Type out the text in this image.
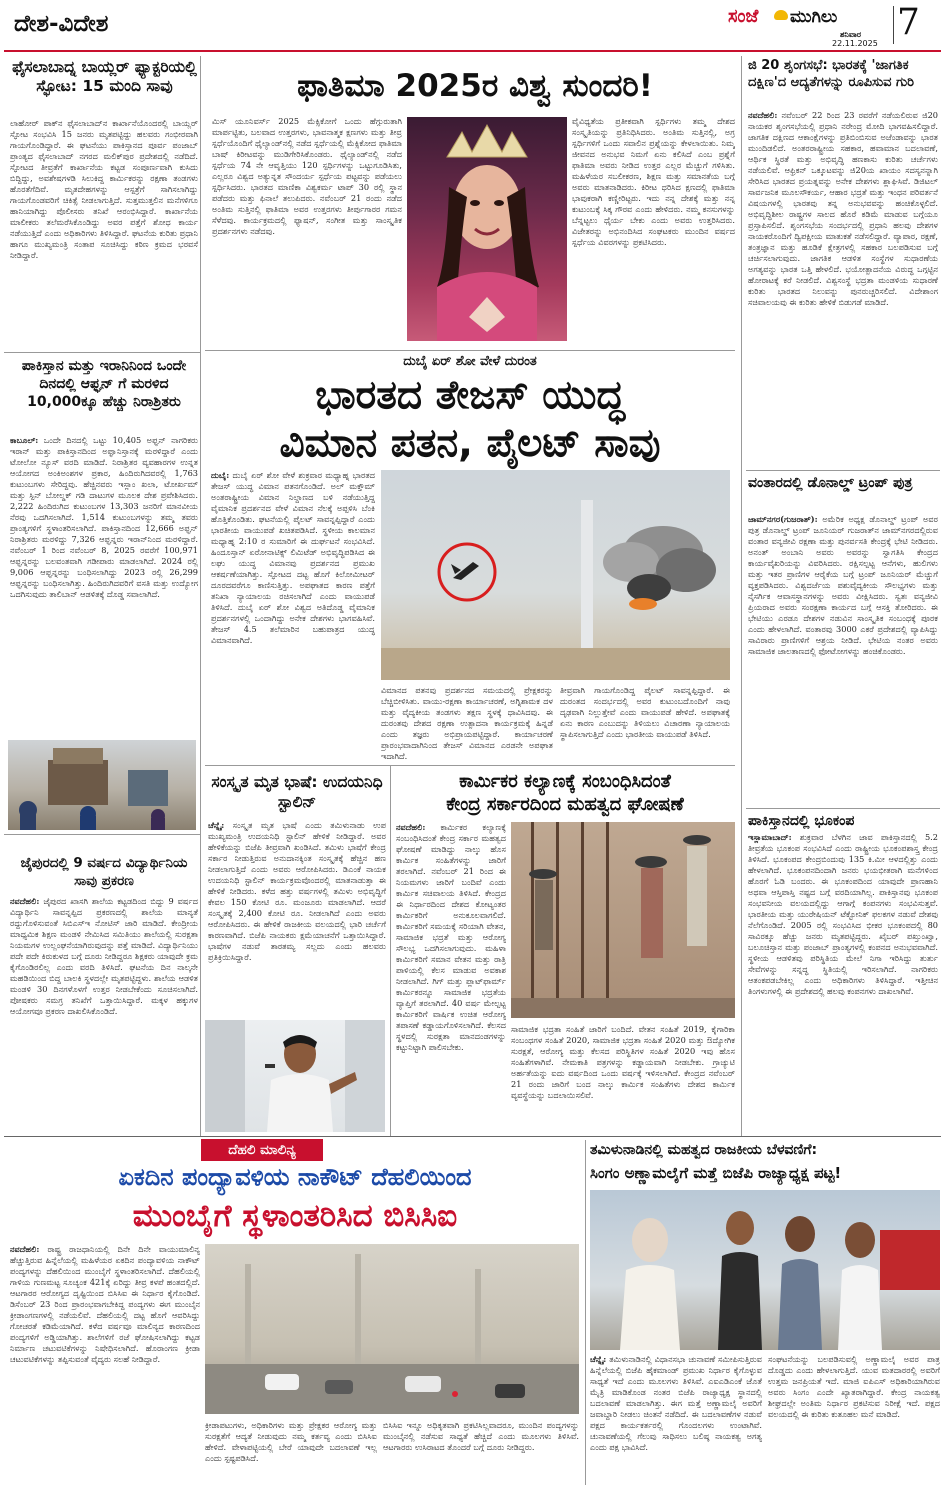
ದೇಶ-ವಿದೇಶ	ಸಂಜೆ ಮುಗಿಲು
ಶನಿವಾರ
22.11.2025
7
ಫೈಸಲಾಬಾದ್ನ ಬಾಯ್ಲರ್ ಫ್ಯಾಕ್ಟರಿಯಲ್ಲಿ ಸ್ಫೋಟ: 15 ಮಂದಿ ಸಾವು
ಲಾಹೋರ್ ಪಾಕ್‌ನ ಫೈಸಲಾಬಾದ್‌ನ ಕಾರ್ಖಾನೆಯೊಂದರಲ್ಲಿ ಬಾಯ್ಲರ್ ಸ್ಫೋಟ ಸಂಭವಿಸಿ 15 ಜನರು ಮೃತಪಟ್ಟಿದ್ದು ಹಲವರು ಗಂಭೀರವಾಗಿ ಗಾಯಗೊಂಡಿದ್ದಾರೆ. ಈ ಘಟನೆಯು ಪಾಕಿಸ್ತಾನದ ಪೂರ್ವ ಪಂಜಾಬ್ ಪ್ರಾಂತ್ಯದ ಫೈಸಲಾಬಾದ್ ನಗರದ ಮಲಿಕ್‌ಪುರ ಪ್ರದೇಶದಲ್ಲಿ ನಡೆದಿದೆ. ಸ್ಫೋಟದ ತೀವ್ರತೆಗೆ ಕಾರ್ಖಾನೆಯ ಕಟ್ಟಡ ಸಂಪೂರ್ಣವಾಗಿ ಕುಸಿದು ಬಿದ್ದಿದ್ದು, ಅವಶೇಷಗಳಡಿ ಸಿಲುಕಿದ್ದ ಕಾರ್ಮಿಕರನ್ನು ರಕ್ಷಣಾ ತಂಡಗಳು ಹೊರತೆಗೆದಿವೆ. ಮೃತದೇಹಗಳನ್ನು ಆಸ್ಪತ್ರೆಗೆ ಸಾಗಿಸಲಾಗಿದ್ದು ಗಾಯಗೊಂಡವರಿಗೆ ಚಿಕಿತ್ಸೆ ನೀಡಲಾಗುತ್ತಿದೆ. ಸುತ್ತಮುತ್ತಲಿನ ಮನೆಗಳಿಗೂ ಹಾನಿಯಾಗಿದ್ದು ಪೊಲೀಸರು ತನಿಖೆ ಆರಂಭಿಸಿದ್ದಾರೆ. ಕಾರ್ಖಾನೆಯ ಮಾಲೀಕರು ತಲೆಮರೆಸಿಕೊಂಡಿದ್ದು ಅವರ ಪತ್ತೆಗೆ ಶೋಧ ಕಾರ್ಯ ನಡೆಯುತ್ತಿದೆ ಎಂದು ಅಧಿಕಾರಿಗಳು ತಿಳಿಸಿದ್ದಾರೆ. ಘಟನೆಯ ಕುರಿತು ಪ್ರಧಾನಿ ಹಾಗೂ ಮುಖ್ಯಮಂತ್ರಿ ಸಂತಾಪ ಸೂಚಿಸಿದ್ದು ಕಠಿಣ ಕ್ರಮದ ಭರವಸೆ ನೀಡಿದ್ದಾರೆ.
ಫಾತಿಮಾ 2025ರ ವಿಶ್ವ ಸುಂದರಿ!
ಮಿಸ್ ಯೂನಿವರ್ಸ್ 2025 ಮೆಕ್ಸಿಕೋಗೆ ಒಂದು ಹೆಗ್ಗುರುತಾಗಿ ಮಾರ್ಪಟ್ಟಿತು, ಬಲವಾದ ಉತ್ತರಗಳು, ಭಾವನಾತ್ಮಕ ಕ್ಷಣಗಳು ಮತ್ತು ತೀವ್ರ ಸ್ಪರ್ಧೆಯೊಂದಿಗೆ ಥೈಲ್ಯಾಂಡ್‌ನಲ್ಲಿ ನಡೆದ ಸ್ಪರ್ಧೆಯಲ್ಲಿ ಮೆಕ್ಸಿಕೋದ ಫಾತಿಮಾ ಬಾಷ್ ಕಿರೀಟವನ್ನು ಮುಡಿಗೇರಿಸಿಕೊಂಡರು. ಥೈಲ್ಯಾಂಡ್‌ನಲ್ಲಿ ನಡೆದ ಸ್ಪರ್ಧೆಯ 74 ನೇ ಆವೃತ್ತಿಯು 120 ಸ್ಪರ್ಧಿಗಳನ್ನು ಒಟ್ಟುಗೂಡಿಸಿತು, ಎಲ್ಲರೂ ವಿಶ್ವದ ಅತ್ಯುನ್ನತ ಸೌಂದರ್ಯ ಸ್ಪರ್ಧೆಯ ಪಟ್ಟವನ್ನು ಪಡೆಯಲು ಸ್ಪರ್ಧಿಸಿದರು. ಭಾರತದ ಮಾಣಿಕಾ ವಿಶ್ವಕರ್ಮ ಟಾಪ್ 30 ರಲ್ಲಿ ಸ್ಥಾನ ಪಡೆದರು ಮತ್ತು ಫಿನಾಲೆ ತಲುಪಿದರು. ನವೆಂಬರ್ 21 ರಂದು ನಡೆದ ಅಂತಿಮ ಸುತ್ತಿನಲ್ಲಿ ಫಾತಿಮಾ ಅವರ ಉತ್ತರಗಳು ತೀರ್ಪುಗಾರರ ಗಮನ ಸೆಳೆದವು. ಕಾರ್ಯಕ್ರಮದಲ್ಲಿ ಫ್ಯಾಷನ್, ಸಂಗೀತ ಮತ್ತು ಸಾಂಸ್ಕೃತಿಕ ಪ್ರದರ್ಶನಗಳು ನಡೆದವು.
ವೈವಿಧ್ಯತೆಯ ಪ್ರತೀಕವಾಗಿ ಸ್ಪರ್ಧಿಗಳು ತಮ್ಮ ದೇಶದ ಸಂಸ್ಕೃತಿಯನ್ನು ಪ್ರತಿನಿಧಿಸಿದರು. ಅಂತಿಮ ಸುತ್ತಿನಲ್ಲಿ, ಅಗ್ರ ಸ್ಪರ್ಧಿಗಳಿಗೆ ಒಂದು ಸವಾಲಿನ ಪ್ರಶ್ನೆಯನ್ನು ಕೇಳಲಾಯಿತು. ನಿಮ್ಮ ಜೀವನದ ಅನುಭವ ನಿಮಗೆ ಏನು ಕಲಿಸಿದೆ ಎಂಬ ಪ್ರಶ್ನೆಗೆ ಫಾತಿಮಾ ಅವರು ನೀಡಿದ ಉತ್ತರ ಎಲ್ಲರ ಮೆಚ್ಚುಗೆ ಗಳಿಸಿತು. ಮಹಿಳೆಯರ ಸಬಲೀಕರಣ, ಶಿಕ್ಷಣ ಮತ್ತು ಸಮಾನತೆಯ ಬಗ್ಗೆ ಅವರು ಮಾತನಾಡಿದರು. ಕಿರೀಟ ಧರಿಸಿದ ಕ್ಷಣದಲ್ಲಿ ಫಾತಿಮಾ ಭಾವುಕರಾಗಿ ಕಣ್ಣೀರಿಟ್ಟರು. ಇದು ನನ್ನ ದೇಶಕ್ಕೆ ಮತ್ತು ನನ್ನ ಕುಟುಂಬಕ್ಕೆ ಸಿಕ್ಕ ಗೌರವ ಎಂದು ಹೇಳಿದರು. ನಮ್ಮ ಕನಸುಗಳನ್ನು ಬೆನ್ನಟ್ಟಲು ಧೈರ್ಯ ಬೇಕು ಎಂದು ಅವರು ಉತ್ತರಿಸಿದರು. ವಿಜೇತರನ್ನು ಅಭಿನಂದಿಸಿದ ಸಂಘಟಕರು ಮುಂದಿನ ವರ್ಷದ ಸ್ಪರ್ಧೆಯ ವಿವರಗಳನ್ನು ಪ್ರಕಟಿಸಿದರು.
ಜಿ 20 ಶೃಂಗಸಭೆ: ಭಾರತಕ್ಕೆ 'ಜಾಗತಿಕ ದಕ್ಷಿಣ'ದ ಆದ್ಯತೆಗಳನ್ನು ರೂಪಿಸುವ ಗುರಿ
ನವದೆಹಲಿ: ನವೆಂಬರ್ 22 ರಿಂದ 23 ರವರೆಗೆ ನಡೆಯಲಿರುವ ಜಿ20 ನಾಯಕರ ಶೃಂಗಸಭೆಯಲ್ಲಿ ಪ್ರಧಾನಿ ನರೇಂದ್ರ ಮೋದಿ ಭಾಗವಹಿಸಲಿದ್ದಾರೆ. ಜಾಗತಿಕ ದಕ್ಷಿಣದ ಆಕಾಂಕ್ಷೆಗಳನ್ನು ಪ್ರತಿಬಿಂಬಿಸುವ ಅಜೆಂಡಾವನ್ನು ಭಾರತ ಮುಂದಿಡಲಿದೆ. ಅಂತರರಾಷ್ಟ್ರೀಯ ಸಹಕಾರ, ಹವಾಮಾನ ಬದಲಾವಣೆ, ಆರ್ಥಿಕ ಸ್ಥಿರತೆ ಮತ್ತು ಅಭಿವೃದ್ಧಿ ಹಣಕಾಸು ಕುರಿತು ಚರ್ಚೆಗಳು ನಡೆಯಲಿವೆ. ಆಫ್ರಿಕನ್ ಒಕ್ಕೂಟವನ್ನು ಜಿ20ಯ ಖಾಯಂ ಸದಸ್ಯನನ್ನಾಗಿ ಸೇರಿಸಿದ ಭಾರತದ ಪ್ರಯತ್ನವನ್ನು ಅನೇಕ ದೇಶಗಳು ಶ್ಲಾಘಿಸಿವೆ. ಡಿಜಿಟಲ್ ಸಾರ್ವಜನಿಕ ಮೂಲಸೌಕರ್ಯ, ಆಹಾರ ಭದ್ರತೆ ಮತ್ತು ಇಂಧನ ಪರಿವರ್ತನೆ ವಿಷಯಗಳಲ್ಲಿ ಭಾರತವು ತನ್ನ ಅನುಭವವನ್ನು ಹಂಚಿಕೊಳ್ಳಲಿದೆ. ಅಭಿವೃದ್ಧಿಶೀಲ ರಾಷ್ಟ್ರಗಳ ಸಾಲದ ಹೊರೆ ಕಡಿಮೆ ಮಾಡುವ ಬಗ್ಗೆಯೂ ಪ್ರಸ್ತಾಪಿಸಲಿದೆ. ಶೃಂಗಸಭೆಯ ಸಂದರ್ಭದಲ್ಲಿ ಪ್ರಧಾನಿ ಹಲವು ದೇಶಗಳ ನಾಯಕರೊಂದಿಗೆ ದ್ವಿಪಕ್ಷೀಯ ಮಾತುಕತೆ ನಡೆಸಲಿದ್ದಾರೆ. ವ್ಯಾಪಾರ, ರಕ್ಷಣೆ, ತಂತ್ರಜ್ಞಾನ ಮತ್ತು ಹೂಡಿಕೆ ಕ್ಷೇತ್ರಗಳಲ್ಲಿ ಸಹಕಾರ ಬಲಪಡಿಸುವ ಬಗ್ಗೆ ಚರ್ಚಿಸಲಾಗುವುದು. ಜಾಗತಿಕ ಆಡಳಿತ ಸಂಸ್ಥೆಗಳ ಸುಧಾರಣೆಯ ಅಗತ್ಯವನ್ನು ಭಾರತ ಒತ್ತಿ ಹೇಳಲಿದೆ. ಭಯೋತ್ಪಾದನೆಯ ವಿರುದ್ಧ ಒಗ್ಗಟ್ಟಿನ ಹೋರಾಟಕ್ಕೆ ಕರೆ ನೀಡಲಿದೆ. ವಿಶ್ವಸಂಸ್ಥೆ ಭದ್ರತಾ ಮಂಡಳಿಯ ಸುಧಾರಣೆ ಕುರಿತು ಭಾರತದ ನಿಲುವನ್ನು ಪುನರುಚ್ಚರಿಸಲಿದೆ. ವಿದೇಶಾಂಗ ಸಚಿವಾಲಯವು ಈ ಕುರಿತು ಹೇಳಿಕೆ ಬಿಡುಗಡೆ ಮಾಡಿದೆ.
ವಂತಾರದಲ್ಲಿ ಡೊನಾಲ್ಡ್ ಟ್ರಂಪ್ ಪುತ್ರ
ಜಾಮ್‌ನಗರ(ಗುಜರಾತ್): ಅಮೆರಿಕ ಅಧ್ಯಕ್ಷ ಡೊನಾಲ್ಡ್ ಟ್ರಂಪ್ ಅವರ ಪುತ್ರ ಡೊನಾಲ್ಡ್ ಟ್ರಂಪ್ ಜೂನಿಯರ್ ಗುಜರಾತ್‌ನ ಜಾಮ್‌ನಗರದಲ್ಲಿರುವ ವಂತಾರ ವನ್ಯಜೀವಿ ರಕ್ಷಣಾ ಮತ್ತು ಪುನರ್ವಸತಿ ಕೇಂದ್ರಕ್ಕೆ ಭೇಟಿ ನೀಡಿದರು. ಅನಂತ್ ಅಂಬಾನಿ ಅವರು ಅವರನ್ನು ಸ್ವಾಗತಿಸಿ ಕೇಂದ್ರದ ಕಾರ್ಯವೈಖರಿಯನ್ನು ವಿವರಿಸಿದರು. ರಕ್ಷಿಸಲ್ಪಟ್ಟ ಆನೆಗಳು, ಹುಲಿಗಳು ಮತ್ತು ಇತರ ಪ್ರಾಣಿಗಳ ಆರೈಕೆಯ ಬಗ್ಗೆ ಟ್ರಂಪ್ ಜೂನಿಯರ್ ಮೆಚ್ಚುಗೆ ವ್ಯಕ್ತಪಡಿಸಿದರು. ವಿಶ್ವದರ್ಜೆಯ ಪಶುವೈದ್ಯಕೀಯ ಸೌಲಭ್ಯಗಳು ಮತ್ತು ನೈಸರ್ಗಿಕ ಆವಾಸಸ್ಥಾನಗಳನ್ನು ಅವರು ವೀಕ್ಷಿಸಿದರು. ಸ್ವತಃ ವನ್ಯಜೀವಿ ಪ್ರಿಯರಾದ ಅವರು ಸಂರಕ್ಷಣಾ ಕಾರ್ಯದ ಬಗ್ಗೆ ಆಸಕ್ತಿ ತೋರಿದರು. ಈ ಭೇಟಿಯು ಎರಡೂ ದೇಶಗಳ ನಡುವಿನ ಸಾಂಸ್ಕೃತಿಕ ಸಂಬಂಧಕ್ಕೆ ಪೂರಕ ಎಂದು ಹೇಳಲಾಗಿದೆ. ವಂತಾರವು 3000 ಎಕರೆ ಪ್ರದೇಶದಲ್ಲಿ ವ್ಯಾಪಿಸಿದ್ದು ಸಾವಿರಾರು ಪ್ರಾಣಿಗಳಿಗೆ ಆಶ್ರಯ ನೀಡಿದೆ. ಭೇಟಿಯ ನಂತರ ಅವರು ಸಾಮಾಜಿಕ ಜಾಲತಾಣದಲ್ಲಿ ಫೋಟೋಗಳನ್ನು ಹಂಚಿಕೊಂಡರು.
ಪಾಕಿಸ್ತಾನದಲ್ಲಿ ಭೂಕಂಪ
ಇಸ್ಲಾಮಾಬಾದ್: ಶುಕ್ರವಾರ ಬೆಳಗಿನ ಜಾವ ಪಾಕಿಸ್ತಾನದಲ್ಲಿ 5.2 ತೀವ್ರತೆಯ ಭೂಕಂಪ ಸಂಭವಿಸಿದೆ ಎಂದು ರಾಷ್ಟ್ರೀಯ ಭೂಕಂಪಶಾಸ್ತ್ರ ಕೇಂದ್ರ ತಿಳಿಸಿದೆ. ಭೂಕಂಪದ ಕೇಂದ್ರಬಿಂದುವು 135 ಕಿ.ಮೀ ಆಳದಲ್ಲಿತ್ತು ಎಂದು ಹೇಳಲಾಗಿದೆ. ಭೂಕಂಪನದಿಂದಾಗಿ ಜನರು ಭಯಭೀತರಾಗಿ ಮನೆಗಳಿಂದ ಹೊರಗೆ ಓಡಿ ಬಂದರು. ಈ ಭೂಕಂಪದಿಂದ ಯಾವುದೇ ಪ್ರಾಣಹಾನಿ ಅಥವಾ ಆಸ್ತಿಪಾಸ್ತಿ ನಷ್ಟದ ಬಗ್ಗೆ ವರದಿಯಾಗಿಲ್ಲ. ಪಾಕಿಸ್ತಾನವು ಭೂಕಂಪ ಸಂಭವನೀಯ ವಲಯದಲ್ಲಿದ್ದು ಆಗಾಗ್ಗೆ ಕಂಪನಗಳು ಸಂಭವಿಸುತ್ತವೆ. ಭಾರತೀಯ ಮತ್ತು ಯುರೇಷಿಯನ್ ಟೆಕ್ಟೋನಿಕ್ ಫಲಕಗಳ ನಡುವೆ ದೇಶವು ನೆಲೆಗೊಂಡಿದೆ. 2005 ರಲ್ಲಿ ಸಂಭವಿಸಿದ ಭೀಕರ ಭೂಕಂಪದಲ್ಲಿ 80 ಸಾವಿರಕ್ಕೂ ಹೆಚ್ಚು ಜನರು ಮೃತಪಟ್ಟಿದ್ದರು. ಖೈಬರ್ ಪಖ್ತುಂಖ್ವಾ, ಬಲೂಚಿಸ್ತಾನ ಮತ್ತು ಪಂಜಾಬ್ ಪ್ರಾಂತ್ಯಗಳಲ್ಲಿ ಕಂಪನದ ಅನುಭವವಾಗಿದೆ. ಸ್ಥಳೀಯ ಆಡಳಿತವು ಪರಿಸ್ಥಿತಿಯ ಮೇಲೆ ನಿಗಾ ಇರಿಸಿದ್ದು ತುರ್ತು ಸೇವೆಗಳನ್ನು ಸನ್ನದ್ಧ ಸ್ಥಿತಿಯಲ್ಲಿ ಇರಿಸಲಾಗಿದೆ. ನಾಗರಿಕರು ಆತಂಕಪಡಬೇಕಿಲ್ಲ ಎಂದು ಅಧಿಕಾರಿಗಳು ತಿಳಿಸಿದ್ದಾರೆ. ಇತ್ತೀಚಿನ ತಿಂಗಳುಗಳಲ್ಲಿ ಈ ಪ್ರದೇಶದಲ್ಲಿ ಹಲವು ಕಂಪನಗಳು ದಾಖಲಾಗಿವೆ.
ಪಾಕಿಸ್ತಾನ ಮತ್ತು ಇರಾನಿನಿಂದ ಒಂದೇ ದಿನದಲ್ಲಿ ಆಫ್ಘನ್ ಗೆ ಮರಳಿದ 10,000ಕ್ಕೂ ಹೆಚ್ಚು ನಿರಾಶ್ರಿತರು
ಕಾಬೂಲ್: ಒಂದೇ ದಿನದಲ್ಲಿ ಒಟ್ಟು 10,405 ಅಫ್ಘನ್ ನಾಗರಿಕರು ಇರಾನ್ ಮತ್ತು ಪಾಕಿಸ್ತಾನದಿಂದ ಅಫ್ಘಾನಿಸ್ತಾನಕ್ಕೆ ಮರಳಿದ್ದಾರೆ ಎಂದು ಟೋಲೋ ನ್ಯೂಸ್ ವರದಿ ಮಾಡಿದೆ. ನಿರಾಶ್ರಿತರ ವ್ಯವಹಾರಗಳ ಉನ್ನತ ಆಯೋಗದ ಅಂಕಿಅಂಶಗಳ ಪ್ರಕಾರ, ಹಿಂದಿರುಗಿದವರಲ್ಲಿ 1,763 ಕುಟುಂಬಗಳು ಸೇರಿದ್ದವು. ಹೆಚ್ಚಿನವರು ಇಸ್ಲಾಂ ಖಲಾ, ಟೋರ್ಖಮ್ ಮತ್ತು ಸ್ಪಿನ್ ಬೋಲ್ಡಕ್ ಗಡಿ ದಾಟುಗಳ ಮೂಲಕ ದೇಶ ಪ್ರವೇಶಿಸಿದರು. 2,222 ಹಿಂದಿರುಗಿದ ಕುಟುಂಬಗಳ 13,303 ಜನರಿಗೆ ಮಾನವೀಯ ನೆರವು ಒದಗಿಸಲಾಗಿದೆ. 1,514 ಕುಟುಂಬಗಳನ್ನು ತಮ್ಮ ತವರು ಪ್ರಾಂತ್ಯಗಳಿಗೆ ಸ್ಥಳಾಂತರಿಸಲಾಗಿದೆ. ಪಾಕಿಸ್ತಾನದಿಂದ 12,666 ಅಫ್ಘನ್ ನಿರಾಶ್ರಿತರು ಮರಳಿದ್ದು 7,326 ಆಫ್ಘನ್ನರು ಇರಾನ್‌ನಿಂದ ಮರಳಿದ್ದಾರೆ. ನವೆಂಬರ್ 1 ರಿಂದ ನವೆಂಬರ್ 8, 2025 ರವರೆಗೆ 100,971 ಆಫ್ಘನ್ನರನ್ನು ಬಲವಂತವಾಗಿ ಗಡೀಪಾರು ಮಾಡಲಾಗಿದೆ. 2024 ರಲ್ಲಿ 9,006 ಆಫ್ಘನ್ನರನ್ನು ಬಂಧಿಸಲಾಗಿದ್ದು 2023 ರಲ್ಲಿ 26,299 ಆಫ್ಘನ್ನರನ್ನು ಬಂಧಿಸಲಾಗಿತ್ತು. ಹಿಂದಿರುಗಿದವರಿಗೆ ವಸತಿ ಮತ್ತು ಉದ್ಯೋಗ ಒದಗಿಸುವುದು ತಾಲಿಬಾನ್ ಆಡಳಿತಕ್ಕೆ ದೊಡ್ಡ ಸವಾಲಾಗಿದೆ.
ಜೈಪುರದಲ್ಲಿ 9 ವರ್ಷದ ವಿದ್ಯಾರ್ಥಿನಿಯ ಸಾವು ಪ್ರಕರಣ
ನವದೆಹಲಿ: ಜೈಪುರದ ಖಾಸಗಿ ಶಾಲೆಯ ಕಟ್ಟಡದಿಂದ ಬಿದ್ದು 9 ವರ್ಷದ ವಿದ್ಯಾರ್ಥಿನಿ ಸಾವನ್ನಪ್ಪಿದ ಪ್ರಕರಣದಲ್ಲಿ ಶಾಲೆಯ ಮಾನ್ಯತೆ ರದ್ದುಗೊಳಿಸುವಂತೆ ಸಿಬಿಎಸ್‌ಇ ನೋಟಿಸ್ ಜಾರಿ ಮಾಡಿದೆ. ಕೇಂದ್ರೀಯ ಮಾಧ್ಯಮಿಕ ಶಿಕ್ಷಣ ಮಂಡಳಿ ನೇಮಿಸಿದ ಸಮಿತಿಯು ಶಾಲೆಯಲ್ಲಿ ಸುರಕ್ಷತಾ ನಿಯಮಗಳ ಉಲ್ಲಂಘನೆಯಾಗಿರುವುದನ್ನು ಪತ್ತೆ ಮಾಡಿದೆ. ವಿದ್ಯಾರ್ಥಿನಿಯು ಪದೇ ಪದೇ ಕಿರುಕುಳದ ಬಗ್ಗೆ ದೂರು ನೀಡಿದ್ದರೂ ಶಿಕ್ಷಕರು ಯಾವುದೇ ಕ್ರಮ ಕೈಗೊಂಡಿರಲಿಲ್ಲ ಎಂದು ವರದಿ ತಿಳಿಸಿದೆ. ಘಟನೆಯ ದಿನ ನಾಲ್ಕನೇ ಮಹಡಿಯಿಂದ ಬಿದ್ದ ಬಾಲಕಿ ಸ್ಥಳದಲ್ಲೇ ಮೃತಪಟ್ಟಿದ್ದಳು. ಶಾಲೆಯ ಆಡಳಿತ ಮಂಡಳಿ 30 ದಿನಗಳೊಳಗೆ ಉತ್ತರ ನೀಡಬೇಕೆಂದು ಸೂಚಿಸಲಾಗಿದೆ. ಪೋಷಕರು ಸಮಗ್ರ ತನಿಖೆಗೆ ಒತ್ತಾಯಿಸಿದ್ದಾರೆ. ಮಕ್ಕಳ ಹಕ್ಕುಗಳ ಆಯೋಗವೂ ಪ್ರಕರಣ ದಾಖಲಿಸಿಕೊಂಡಿದೆ.
ದುಬೈ ಏರ್ ಶೋ ವೇಳೆ ದುರಂತ
ಭಾರತದ ತೇಜಸ್ ಯುದ್ಧ
ವಿಮಾನ ಪತನ, ಪೈಲಟ್ ಸಾವು
ದುಬೈ: ದುಬೈ ಏರ್ ಶೋ ವೇಳೆ ಶುಕ್ರವಾರ ಮಧ್ಯಾಹ್ನ ಭಾರತದ ತೇಜಸ್ ಯುದ್ಧ ವಿಮಾನ ಪತನಗೊಂಡಿದೆ. ಅಲ್ ಮಕ್ತೌಮ್ ಅಂತರಾಷ್ಟ್ರೀಯ ವಿಮಾನ ನಿಲ್ದಾಣದ ಬಳಿ ನಡೆಯುತ್ತಿದ್ದ ವೈಮಾನಿಕ ಪ್ರದರ್ಶನದ ವೇಳೆ ವಿಮಾನ ನೆಲಕ್ಕೆ ಅಪ್ಪಳಿಸಿ ಬೆಂಕಿ ಹೊತ್ತಿಕೊಂಡಿತು. ಘಟನೆಯಲ್ಲಿ ಪೈಲಟ್ ಸಾವನ್ನಪ್ಪಿದ್ದಾರೆ ಎಂದು ಭಾರತೀಯ ವಾಯುಪಡೆ ಖಚಿತಪಡಿಸಿದೆ. ಸ್ಥಳೀಯ ಕಾಲಮಾನ ಮಧ್ಯಾಹ್ನ 2:10 ರ ಸುಮಾರಿಗೆ ಈ ದುರ್ಘಟನೆ ಸಂಭವಿಸಿದೆ. ಹಿಂದೂಸ್ತಾನ್ ಏರೋನಾಟಿಕ್ಸ್ ಲಿಮಿಟೆಡ್ ಅಭಿವೃದ್ಧಿಪಡಿಸಿದ ಈ ಲಘು ಯುದ್ಧ ವಿಮಾನವು ಪ್ರದರ್ಶನದ ಪ್ರಮುಖ ಆಕರ್ಷಣೆಯಾಗಿತ್ತು. ಸ್ಫೋಟದ ದಟ್ಟ ಹೊಗೆ ಕಿಲೋಮೀಟರ್ ದೂರದವರೆಗೂ ಕಾಣಿಸುತ್ತಿತ್ತು. ಅಪಘಾತದ ಕಾರಣ ಪತ್ತೆಗೆ ತನಿಖಾ ನ್ಯಾಯಾಲಯ ರಚಿಸಲಾಗಿದೆ ಎಂದು ವಾಯುಪಡೆ ತಿಳಿಸಿದೆ. ದುಬೈ ಏರ್ ಶೋ ವಿಶ್ವದ ಅತಿದೊಡ್ಡ ವೈಮಾನಿಕ ಪ್ರದರ್ಶನಗಳಲ್ಲಿ ಒಂದಾಗಿದ್ದು ಅನೇಕ ದೇಶಗಳು ಭಾಗವಹಿಸಿವೆ. ತೇಜಸ್ 4.5 ತಲೆಮಾರಿನ ಬಹುಪಾತ್ರದ ಯುದ್ಧ ವಿಮಾನವಾಗಿದೆ.
ವಿಮಾನದ ಪತನವು ಪ್ರದರ್ಶನದ ಸಮಯದಲ್ಲಿ ಪ್ರೇಕ್ಷಕರನ್ನು ಬೆಚ್ಚಿಬೀಳಿಸಿತು. ವಾಯು-ರಕ್ಷಣಾ ಕಾರ್ಯಾಚರಣೆ, ಅಗ್ನಿಶಾಮಕ ದಳ ಮತ್ತು ವೈದ್ಯಕೀಯ ತಂಡಗಳು ತಕ್ಷಣ ಸ್ಥಳಕ್ಕೆ ಧಾವಿಸಿದವು. ಈ ದುರಂತವು ದೇಶದ ರಕ್ಷಣಾ ಉತ್ಪಾದನಾ ಕಾರ್ಯಕ್ರಮಕ್ಕೆ ಹಿನ್ನಡೆ ಎಂದು ತಜ್ಞರು ಅಭಿಪ್ರಾಯಪಟ್ಟಿದ್ದಾರೆ. ಕಾರ್ಯಾಚರಣೆ ಪ್ರಾರಂಭವಾದಾಗಿನಿಂದ ತೇಜಸ್ ವಿಮಾನದ ಎರಡನೇ ಅಪಘಾತ ಇದಾಗಿದೆ.
ತೀವ್ರವಾಗಿ ಗಾಯಗೊಂಡಿದ್ದ ಪೈಲಟ್ ಸಾವನ್ನಪ್ಪಿದ್ದಾರೆ. ಈ ದುರಂತದ ಸಂದರ್ಭದಲ್ಲಿ ಅವರ ಕುಟುಂಬದೊಂದಿಗೆ ನಾವು ದೃಢವಾಗಿ ನಿಲ್ಲುತ್ತೇವೆ ಎಂದು ವಾಯುಪಡೆ ಹೇಳಿದೆ. ಅಪಘಾತಕ್ಕೆ ಏನು ಕಾರಣ ಎಂಬುದನ್ನು ತಿಳಿಯಲು ವಿಚಾರಣಾ ನ್ಯಾಯಾಲಯ ಸ್ಥಾಪಿಸಲಾಗುತ್ತಿದೆ ಎಂದು ಭಾರತೀಯ ವಾಯುಪಡೆ ತಿಳಿಸಿದೆ.
ಸಂಸ್ಕೃತ ಮೃತ ಭಾಷೆ: ಉದಯನಿಧಿ ಸ್ಟಾಲಿನ್
ಚೆನ್ನೈ: ಸಂಸ್ಕೃತ ಮೃತ ಭಾಷೆ ಎಂದು ತಮಿಳುನಾಡು ಉಪ ಮುಖ್ಯಮಂತ್ರಿ ಉದಯನಿಧಿ ಸ್ಟಾಲಿನ್ ಹೇಳಿಕೆ ನೀಡಿದ್ದಾರೆ. ಅವರ ಹೇಳಿಕೆಯನ್ನು ಬಿಜೆಪಿ ತೀವ್ರವಾಗಿ ಖಂಡಿಸಿದೆ. ತಮಿಳು ಭಾಷೆಗೆ ಕೇಂದ್ರ ಸರ್ಕಾರ ನೀಡುತ್ತಿರುವ ಅನುದಾನಕ್ಕಿಂತ ಸಂಸ್ಕೃತಕ್ಕೆ ಹೆಚ್ಚಿನ ಹಣ ನೀಡಲಾಗುತ್ತಿದೆ ಎಂದು ಅವರು ಆರೋಪಿಸಿದರು. ಡಿಎಂಕೆ ನಾಯಕ ಉದಯನಿಧಿ ಸ್ಟಾಲಿನ್ ಕಾರ್ಯಕ್ರಮವೊಂದರಲ್ಲಿ ಮಾತನಾಡುತ್ತಾ ಈ ಹೇಳಿಕೆ ನೀಡಿದರು. ಕಳೆದ ಹತ್ತು ವರ್ಷಗಳಲ್ಲಿ ತಮಿಳು ಅಭಿವೃದ್ಧಿಗೆ ಕೇವಲ 150 ಕೋಟಿ ರೂ. ಮಂಜೂರು ಮಾಡಲಾಗಿದೆ. ಆದರೆ ಸಂಸ್ಕೃತಕ್ಕೆ 2,400 ಕೋಟಿ ರೂ. ನೀಡಲಾಗಿದೆ ಎಂದು ಅವರು ಆರೋಪಿಸಿದರು. ಈ ಹೇಳಿಕೆ ರಾಜಕೀಯ ವಲಯದಲ್ಲಿ ಭಾರಿ ಚರ್ಚೆಗೆ ಕಾರಣವಾಗಿದೆ. ಬಿಜೆಪಿ ನಾಯಕರು ಕ್ಷಮೆಯಾಚನೆಗೆ ಒತ್ತಾಯಿಸಿದ್ದಾರೆ. ಭಾಷೆಗಳ ನಡುವೆ ತಾರತಮ್ಯ ಸಲ್ಲದು ಎಂದು ಹಲವರು ಪ್ರತಿಕ್ರಿಯಿಸಿದ್ದಾರೆ.
ಕಾರ್ಮಿಕರ ಕಲ್ಯಾಣಕ್ಕೆ ಸಂಬಂಧಿಸಿದಂತೆ
ಕೇಂದ್ರ ಸರ್ಕಾರದಿಂದ ಮಹತ್ವದ ಘೋಷಣೆ
ನವದೆಹಲಿ: ಕಾರ್ಮಿಕರ ಕಲ್ಯಾಣಕ್ಕೆ ಸಂಬಂಧಿಸಿದಂತೆ ಕೇಂದ್ರ ಸರ್ಕಾರ ಮಹತ್ವದ ಘೋಷಣೆ ಮಾಡಿದ್ದು ನಾಲ್ಕು ಹೊಸ ಕಾರ್ಮಿಕ ಸಂಹಿತೆಗಳನ್ನು ಜಾರಿಗೆ ತರಲಾಗಿದೆ. ನವೆಂಬರ್ 21 ರಿಂದ ಈ ನಿಯಮಗಳು ಜಾರಿಗೆ ಬಂದಿವೆ ಎಂದು ಕಾರ್ಮಿಕ ಸಚಿವಾಲಯ ತಿಳಿಸಿದೆ. ಕೇಂದ್ರದ ಈ ನಿರ್ಧಾರದಿಂದ ದೇಶದ ಕೋಟ್ಯಂತರ ಕಾರ್ಮಿಕರಿಗೆ ಅನುಕೂಲವಾಗಲಿದೆ. ಕಾರ್ಮಿಕರಿಗೆ ಸಮಯಕ್ಕೆ ಸರಿಯಾಗಿ ವೇತನ, ಸಾಮಾಜಿಕ ಭದ್ರತೆ ಮತ್ತು ಆರೋಗ್ಯ ಸೌಲಭ್ಯ ಒದಗಿಸಲಾಗುವುದು. ಮಹಿಳಾ ಕಾರ್ಮಿಕರಿಗೆ ಸಮಾನ ವೇತನ ಮತ್ತು ರಾತ್ರಿ ಪಾಳಿಯಲ್ಲಿ ಕೆಲಸ ಮಾಡುವ ಅವಕಾಶ ನೀಡಲಾಗಿದೆ. ಗಿಗ್ ಮತ್ತು ಪ್ಲಾಟ್‌ಫಾರ್ಮ್ ಕಾರ್ಮಿಕರನ್ನೂ ಸಾಮಾಜಿಕ ಭದ್ರತೆಯ ವ್ಯಾಪ್ತಿಗೆ ತರಲಾಗಿದೆ. 40 ವರ್ಷ ಮೇಲ್ಪಟ್ಟ ಕಾರ್ಮಿಕರಿಗೆ ವಾರ್ಷಿಕ ಉಚಿತ ಆರೋಗ್ಯ ತಪಾಸಣೆ ಕಡ್ಡಾಯಗೊಳಿಸಲಾಗಿದೆ. ಕೆಲಸದ ಸ್ಥಳದಲ್ಲಿ ಸುರಕ್ಷತಾ ಮಾನದಂಡಗಳನ್ನು ಕಟ್ಟುನಿಟ್ಟಾಗಿ ಪಾಲಿಸಬೇಕು.
ಸಾಮಾಜಿಕ ಭದ್ರತಾ ಸಂಹಿತೆ ಜಾರಿಗೆ ಬಂದಿದೆ. ವೇತನ ಸಂಹಿತೆ 2019, ಕೈಗಾರಿಕಾ ಸಂಬಂಧಗಳ ಸಂಹಿತೆ 2020, ಸಾಮಾಜಿಕ ಭದ್ರತಾ ಸಂಹಿತೆ 2020 ಮತ್ತು ಔದ್ಯೋಗಿಕ ಸುರಕ್ಷತೆ, ಆರೋಗ್ಯ ಮತ್ತು ಕೆಲಸದ ಪರಿಸ್ಥಿತಿಗಳ ಸಂಹಿತೆ 2020 ಇವು ಹೊಸ ಸಂಹಿತೆಗಳಾಗಿವೆ. ನೇಮಕಾತಿ ಪತ್ರಗಳನ್ನು ಕಡ್ಡಾಯವಾಗಿ ನೀಡಬೇಕು. ಗ್ರಾಚ್ಯುಟಿ ಅರ್ಹತೆಯನ್ನು ಐದು ವರ್ಷದಿಂದ ಒಂದು ವರ್ಷಕ್ಕೆ ಇಳಿಸಲಾಗಿದೆ. ಕೇಂದ್ರದ ನವೆಂಬರ್ 21 ರಂದು ಜಾರಿಗೆ ಬಂದ ನಾಲ್ಕು ಕಾರ್ಮಿಕ ಸಂಹಿತೆಗಳು ದೇಶದ ಕಾರ್ಮಿಕ ವ್ಯವಸ್ಥೆಯನ್ನು ಬದಲಾಯಿಸಲಿವೆ.
ದೆಹಲಿ ಮಾಲಿನ್ಯ
ಏಕದಿನ ಪಂದ್ಯಾವಳಿಯ ನಾಕೌಟ್ ದೆಹಲಿಯಿಂದ
ಮುಂಬೈಗೆ ಸ್ಥಳಾಂತರಿಸಿದ ಬಿಸಿಸಿಐ
ನವದೆಹಲಿ: ರಾಷ್ಟ್ರ ರಾಜಧಾನಿಯಲ್ಲಿ ದಿನೇ ದಿನೇ ವಾಯುಮಾಲಿನ್ಯ ಹೆಚ್ಚುತ್ತಿರುವ ಹಿನ್ನೆಲೆಯಲ್ಲಿ ಮಹಿಳೆಯರ ಏಕದಿನ ಪಂದ್ಯಾವಳಿಯ ನಾಕೌಟ್ ಪಂದ್ಯಗಳನ್ನು ದೆಹಲಿಯಿಂದ ಮುಂಬೈಗೆ ಸ್ಥಳಾಂತರಿಸಲಾಗಿದೆ. ದೆಹಲಿಯಲ್ಲಿ ಗಾಳಿಯ ಗುಣಮಟ್ಟ ಸೂಚ್ಯಂಕ 421ಕ್ಕೆ ಏರಿದ್ದು ತೀವ್ರ ಕಳಪೆ ಹಂತದಲ್ಲಿದೆ. ಆಟಗಾರರ ಆರೋಗ್ಯದ ದೃಷ್ಟಿಯಿಂದ ಬಿಸಿಸಿಐ ಈ ನಿರ್ಧಾರ ಕೈಗೊಂಡಿದೆ. ಡಿಸೆಂಬರ್ 23 ರಿಂದ ಪ್ರಾರಂಭವಾಗಬೇಕಿದ್ದ ಪಂದ್ಯಗಳು ಈಗ ಮುಂಬೈನ ಕ್ರೀಡಾಂಗಣಗಳಲ್ಲಿ ನಡೆಯಲಿವೆ. ದೆಹಲಿಯಲ್ಲಿ ದಟ್ಟ ಹೊಗೆ ಆವರಿಸಿದ್ದು ಗೋಚರತೆ ಕಡಿಮೆಯಾಗಿದೆ. ಕಳೆದ ವರ್ಷವೂ ಮಾಲಿನ್ಯದ ಕಾರಣದಿಂದ ಪಂದ್ಯಗಳಿಗೆ ಅಡ್ಡಿಯಾಗಿತ್ತು. ಶಾಲೆಗಳಿಗೆ ರಜೆ ಘೋಷಿಸಲಾಗಿದ್ದು ಕಟ್ಟಡ ನಿರ್ಮಾಣ ಚಟುವಟಿಕೆಗಳನ್ನು ನಿಷೇಧಿಸಲಾಗಿದೆ. ಹೊರಾಂಗಣ ಕ್ರೀಡಾ ಚಟುವಟಿಕೆಗಳನ್ನು ತಪ್ಪಿಸುವಂತೆ ವೈದ್ಯರು ಸಲಹೆ ನೀಡಿದ್ದಾರೆ.
ಕ್ರೀಡಾಪಟುಗಳು, ಅಧಿಕಾರಿಗಳು ಮತ್ತು ಪ್ರೇಕ್ಷಕರ ಆರೋಗ್ಯ ಮತ್ತು ಸುರಕ್ಷತೆಗೆ ಆದ್ಯತೆ ನೀಡುವುದು ನಮ್ಮ ಕರ್ತವ್ಯ ಎಂದು ಬಿಸಿಸಿಐ ಹೇಳಿದೆ. ವೇಳಾಪಟ್ಟಿಯಲ್ಲಿ ಬೇರೆ ಯಾವುದೇ ಬದಲಾವಣೆ ಇಲ್ಲ ಎಂದು ಸ್ಪಷ್ಟಪಡಿಸಿದೆ.
ಬಿಸಿಸಿಐ ಇನ್ನೂ ಅಧಿಕೃತವಾಗಿ ಪ್ರಕಟಿಸಿಲ್ಲವಾದರೂ, ಮುಂದಿನ ಪಂದ್ಯಗಳನ್ನು ಮುಂಬೈನಲ್ಲಿ ನಡೆಸುವ ಸಾಧ್ಯತೆ ಹೆಚ್ಚಿದೆ ಎಂದು ಮೂಲಗಳು ತಿಳಿಸಿವೆ. ಆಟಗಾರರು ಉಸಿರಾಟದ ತೊಂದರೆ ಬಗ್ಗೆ ದೂರು ನೀಡಿದ್ದರು.
ತಮಿಳುನಾಡಿನಲ್ಲಿ ಮಹತ್ವದ ರಾಜಕೀಯ ಬೆಳವಣಿಗೆ:
ಸಿಂಗಂ ಅಣ್ಣಾಮಲೈಗೆ ಮತ್ತೆ ಬಿಜೆಪಿ ರಾಜ್ಯಾಧ್ಯಕ್ಷ ಪಟ್ಟ!
ಚೆನ್ನೈ: ತಮಿಳುನಾಡಿನಲ್ಲಿ ವಿಧಾನಸಭಾ ಚುನಾವಣೆ ಸಮೀಪಿಸುತ್ತಿರುವ ಹಿನ್ನೆಲೆಯಲ್ಲಿ ಬಿಜೆಪಿ ಹೈಕಮಾಂಡ್ ಪ್ರಮುಖ ನಿರ್ಧಾರ ಕೈಗೊಳ್ಳುವ ಸಾಧ್ಯತೆ ಇದೆ ಎಂದು ಮೂಲಗಳು ತಿಳಿಸಿವೆ. ಎಐಎಡಿಎಂಕೆ ಜೊತೆ ಮೈತ್ರಿ ಮಾಡಿಕೊಂಡ ನಂತರ ಬಿಜೆಪಿ ರಾಜ್ಯಾಧ್ಯಕ್ಷ ಸ್ಥಾನದಲ್ಲಿ ಬದಲಾವಣೆ ಮಾಡಲಾಗಿತ್ತು. ಈಗ ಮತ್ತೆ ಅಣ್ಣಾಮಲೈ ಅವರಿಗೆ ಜವಾಬ್ದಾರಿ ನೀಡಲು ಚಿಂತನೆ ನಡೆದಿದೆ. ಈ ಬದಲಾವಣೆಗಳ ನಡುವೆ ಪಕ್ಷದ ಕಾರ್ಯಕರ್ತರಲ್ಲಿ ಗೊಂದಲಗಳು ಉಂಟಾಗಿವೆ. ಚುನಾವಣೆಯಲ್ಲಿ ಗೆಲುವು ಸಾಧಿಸಲು ಬಲಿಷ್ಠ ನಾಯಕತ್ವ ಅಗತ್ಯ ಎಂದು ಪಕ್ಷ ಭಾವಿಸಿದೆ.
ಸಂಘಟನೆಯನ್ನು ಬಲಪಡಿಸುವಲ್ಲಿ ಅಣ್ಣಾಮಲೈ ಅವರ ಪಾತ್ರ ದೊಡ್ಡದು ಎಂದು ಹೇಳಲಾಗುತ್ತಿದೆ. ಯುವ ಮತದಾರರಲ್ಲಿ ಅವರಿಗೆ ಉತ್ತಮ ಜನಪ್ರಿಯತೆ ಇದೆ. ಮಾಜಿ ಐಪಿಎಸ್ ಅಧಿಕಾರಿಯಾಗಿರುವ ಅವರು ಸಿಂಗಂ ಎಂದೇ ಖ್ಯಾತರಾಗಿದ್ದಾರೆ. ಕೇಂದ್ರ ನಾಯಕತ್ವ ಶೀಘ್ರದಲ್ಲೇ ಅಂತಿಮ ನಿರ್ಧಾರ ಪ್ರಕಟಿಸುವ ನಿರೀಕ್ಷೆ ಇದೆ. ಪಕ್ಷದ ವಲಯದಲ್ಲಿ ಈ ಕುರಿತು ಕುತೂಹಲ ಮನೆ ಮಾಡಿದೆ.
